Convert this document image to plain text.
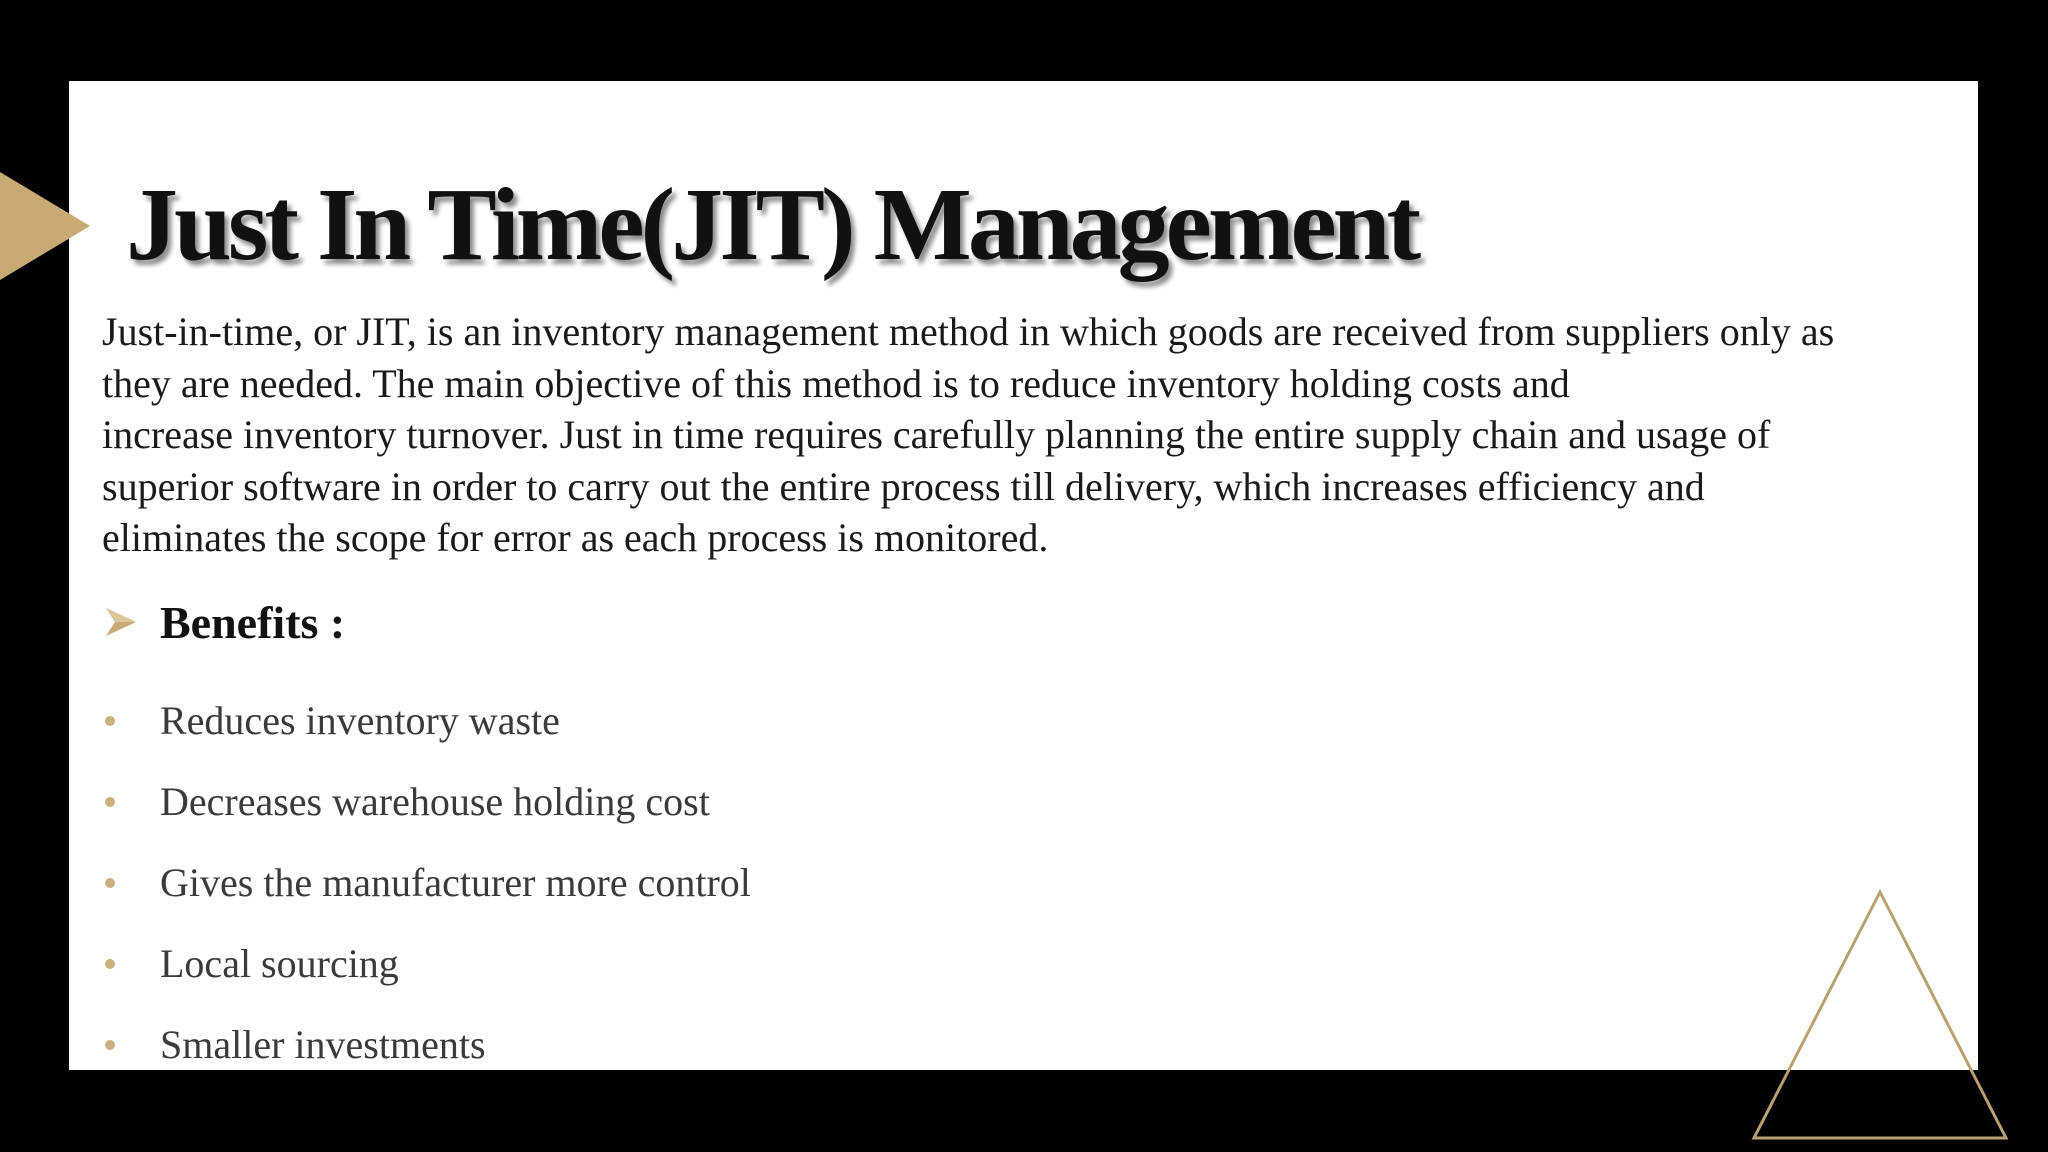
Just In Time(JIT) Management

Just-in-time, or JIT, is an inventory management method in which goods are received from suppliers only as
they are needed. The main objective of this method is to reduce inventory holding costs and
increase inventory turnover. Just in time requires carefully planning the entire supply chain and usage of
superior software in order to carry out the entire process till delivery, which increases efficiency and
eliminates the scope for error as each process is monitored.

Benefits :
Reduces inventory waste
Decreases warehouse holding cost
Gives the manufacturer more control
Local sourcing
Smaller investments
